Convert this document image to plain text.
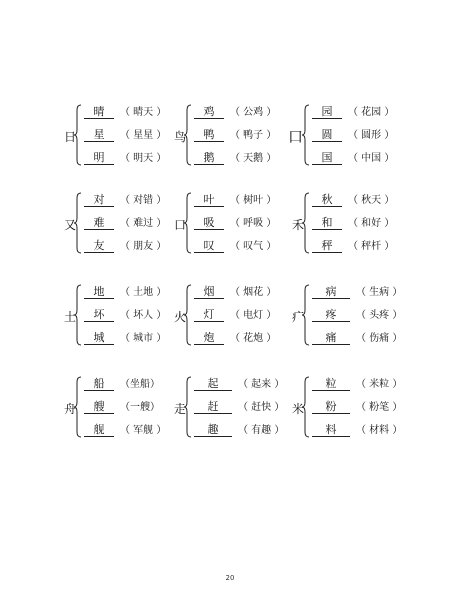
日
晴 （ 晴天 ）
星 （ 星星 ）
明 （ 明天 ）
鸟
鸡 （ 公鸡 ）
鸭 （ 鸭子 ）
鹅 （ 天鹅 ）
口
园 （ 花园 ）
圆 （ 圆形 ）
国 （ 中国 ）
又
对 （ 对错 ）
难 （ 难过 ）
友 （ 朋友 ）
口
叶 （ 树叶 ）
吸 （ 呼吸 ）
叹 （ 叹气 ）
禾
秋 （ 秋天 ）
和 （ 和好 ）
秤 （ 秤杆 ）
土
地 （ 土地 ）
坏 （ 坏人 ）
城 （ 城市 ）
火
烟 （ 烟花 ）
灯 （ 电灯 ）
炮 （ 花炮 ）
疒
病 （ 生病 ）
疼 （ 头疼 ）
痛 （ 伤痛 ）
舟
船 （坐船）
艘 （一艘）
舰 （ 军舰 ）
走
起 （ 起来 ）
赶 （ 赶快 ）
趣 （ 有趣 ）
米
粒 （ 米粒 ）
粉 （ 粉笔 ）
料 （ 材料 ）
20
